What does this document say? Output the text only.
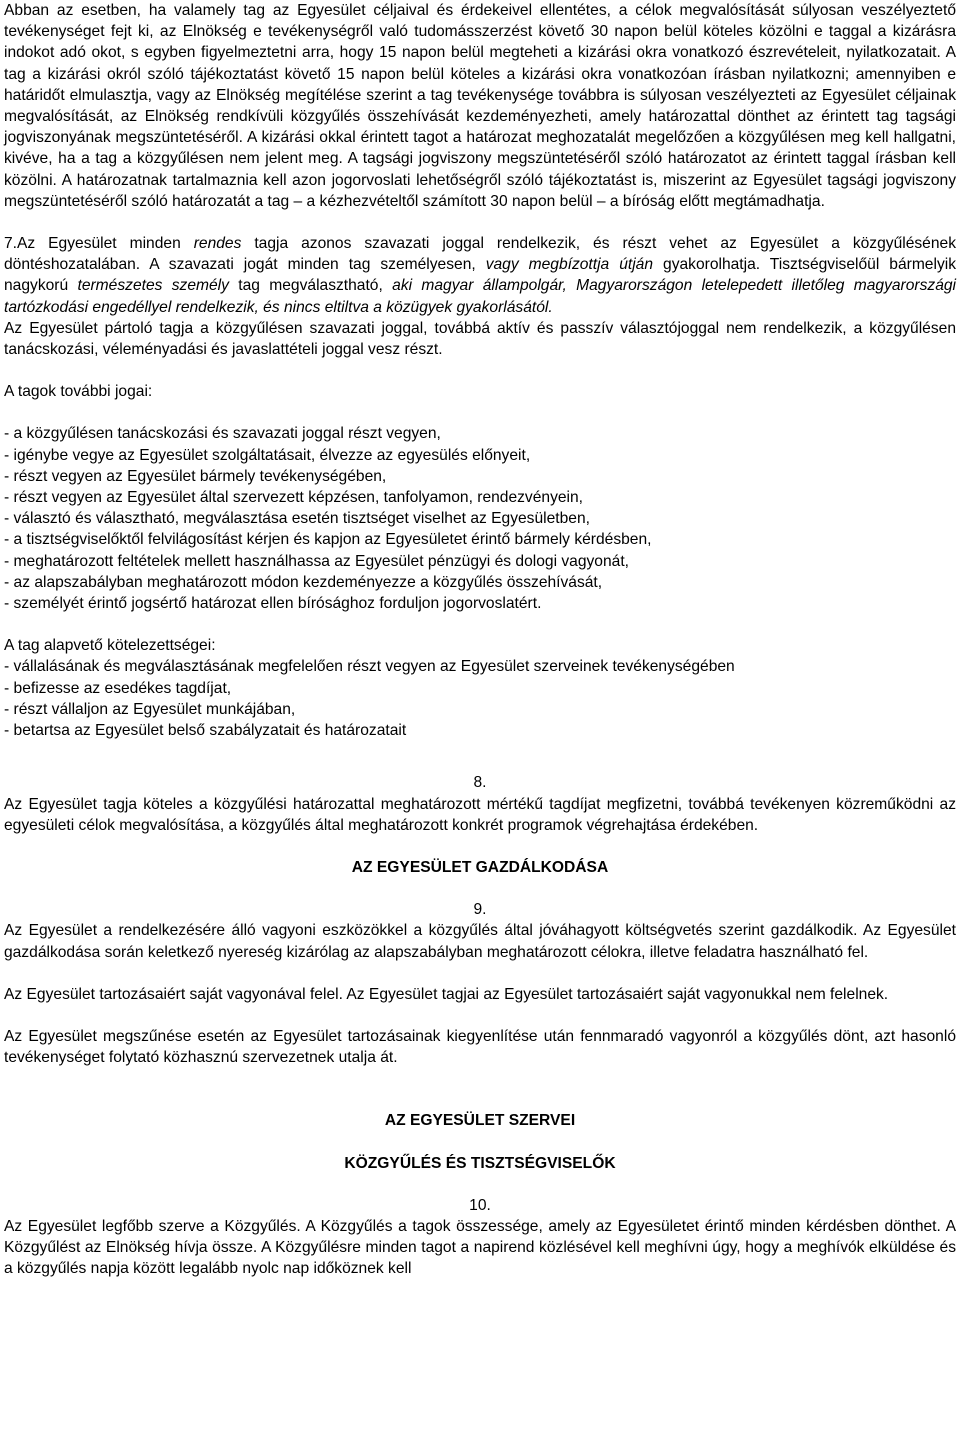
Abban az esetben, ha valamely tag az Egyesület céljaival és érdekeivel ellentétes, a célok megvalósítását súlyosan veszélyeztető tevékenységet fejt ki, az Elnökség e tevékenységről való tudomásszerzést követő 30 napon belül köteles közölni e taggal a kizárásra indokot adó okot, s egyben figyelmeztetni arra, hogy 15 napon belül megteheti a kizárási okra vonatkozó észrevételeit, nyilatkozatait. A tag a kizárási okról szóló tájékoztatást követő 15 napon belül köteles a kizárási okra vonatkozóan írásban nyilatkozni; amennyiben e határidőt elmulasztja, vagy az Elnökség megítélése szerint a tag tevékenysége továbbra is súlyosan veszélyezteti az Egyesület céljainak megvalósítását, az Elnökség rendkívüli közgyűlés összehívását kezdeményezheti, amely határozattal dönthet az érintett tag tagsági jogviszonyának megszüntetéséről. A kizárási okkal érintett tagot a határozat meghozatalát megelőzően a közgyűlésen meg kell hallgatni, kivéve, ha a tag a közgyűlésen nem jelent meg. A tagsági jogviszony megszüntetéséről szóló határozatot az érintett taggal írásban kell közölni. A határozatnak tartalmaznia kell azon jogorvoslati lehetőségről szóló tájékoztatást is, miszerint az Egyesület tagsági jogviszony megszüntetéséről szóló határozatát a tag – a kézhezvételtől számított 30 napon belül – a bíróság előtt megtámadhatja.

7.Az Egyesület minden rendes tagja azonos szavazati joggal rendelkezik, és részt vehet az Egyesület a közgyűlésének döntéshozatalában. A szavazati jogát minden tag személyesen, vagy megbízottja útján gyakorolhatja. Tisztségviselőül bármelyik nagykorú természetes személy tag megválasztható, aki magyar állampolgár, Magyarországon letelepedett illetőleg magyarországi tartózkodási engedéllyel rendelkezik, és nincs eltiltva a közügyek gyakorlásától.

Az Egyesület pártoló tagja a közgyűlésen szavazati joggal, továbbá aktív és passzív választójoggal nem rendelkezik, a közgyűlésen tanácskozási, véleményadási és javaslattételi joggal vesz részt.

A tagok további jogai:

- a közgyűlésen tanácskozási és szavazati joggal részt vegyen,
- igénybe vegye az Egyesület szolgáltatásait, élvezze az egyesülés előnyeit,
- részt vegyen az Egyesület bármely tevékenységében,
- részt vegyen az Egyesület által szervezett képzésen, tanfolyamon, rendezvényein,
- választó és választható, megválasztása esetén tisztséget viselhet az Egyesületben,
- a tisztségviselőktől felvilágosítást kérjen és kapjon az Egyesületet érintő bármely kérdésben,
- meghatározott feltételek mellett használhassa az Egyesület pénzügyi és dologi vagyonát,
- az alapszabályban meghatározott módon kezdeményezze a közgyűlés összehívását,
- személyét érintő jogsértő határozat ellen bírósághoz forduljon jogorvoslatért.

A tag alapvető kötelezettségei:

- vállalásának és megválasztásának megfelelően részt vegyen az Egyesület szerveinek tevékenységében
- befizesse az esedékes tagdíjat,
- részt vállaljon az Egyesület munkájában,
- betartsa az Egyesület belső szabályzatait és határozatait

8.

Az Egyesület tagja köteles a közgyűlési határozattal meghatározott mértékű tagdíjat megfizetni, továbbá tevékenyen közreműködni az egyesületi célok megvalósítása, a közgyűlés által meghatározott konkrét programok végrehajtása érdekében.

AZ EGYESÜLET GAZDÁLKODÁSA

9.

Az Egyesület a rendelkezésére álló vagyoni eszközökkel a közgyűlés által jóváhagyott költségvetés szerint gazdálkodik. Az Egyesület gazdálkodása során keletkező nyereség kizárólag az alapszabályban meghatározott célokra, illetve feladatra használható fel.

Az Egyesület tartozásaiért saját vagyonával felel. Az Egyesület tagjai az Egyesület tartozásaiért saját vagyonukkal nem felelnek.

Az Egyesület megszűnése esetén az Egyesület tartozásainak kiegyenlítése után fennmaradó vagyonról a közgyűlés dönt, azt hasonló tevékenységet folytató közhasznú szervezetnek utalja át.

AZ EGYESÜLET SZERVEI

KÖZGYŰLÉS ÉS TISZTSÉGVISELŐK

10.

Az Egyesület legfőbb szerve a Közgyűlés. A Közgyűlés a tagok összessége, amely az Egyesületet érintő minden kérdésben dönthet. A Közgyűlést az Elnökség hívja össze. A Közgyűlésre minden tagot a napirend közlésével kell meghívni úgy, hogy a meghívók elküldése és a közgyűlés napja között legalább nyolc nap időköznek kell
